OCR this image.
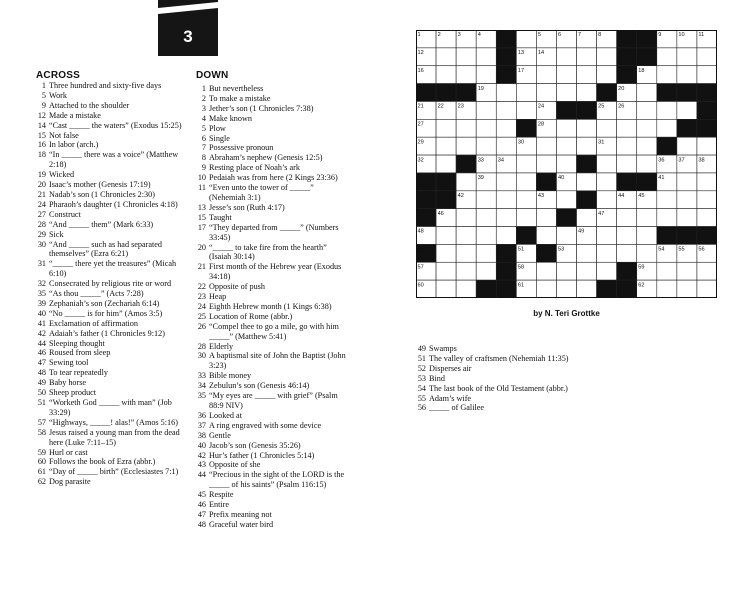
3
ACROSS	DOWN
1 Three hundred and sixty-five days
5 Work
9 Attached to the shoulder
12 Made a mistake
14 “Cast _____ the waters” (Exodus 15:25)
15 Not false
16 In labor (arch.)
18 “In _____ there was a voice” (Matthew 2:18)
19 Wicked
20 Isaac’s mother (Genesis 17:19)
21 Nadab’s son (1 Chronicles 2:30)
24 Pharaoh’s daughter (1 Chronicles 4:18)
27 Construct
28 “And _____ them” (Mark 6:33)
29 Sick
30 “And _____ such as had separated themselves” (Ezra 6:21)
31 “_____ there yet the treasures” (Micah 6:10)
32 Consecrated by religious rite or word
35 “As thou _____” (Acts 7:28)
39 Zephaniah’s son (Zechariah 6:14)
40 “No _____ is for him” (Amos 3:5)
41 Exclamation of affirmation
42 Adaiah’s father (1 Chronicles 9:12)
44 Sleeping thought
46 Roused from sleep
47 Sewing tool
48 To tear repeatedly
49 Baby horse
50 Sheep product
51 “Worketh God _____ with man” (Job 33:29)
57 “Highways, _____! alas!” (Amos 5:16)
58 Jesus raised a young man from the dead here (Luke 7:11–15)
59 Hurl or cast
60 Follows the book of Ezra (abbr.)
61 “Day of _____ birth” (Ecclesiastes 7:1)
62 Dog parasite
1 But nevertheless
2 To make a mistake
3 Jether’s son (1 Chronicles 7:38)
4 Make known
5 Plow
6 Single
7 Possessive pronoun
8 Abraham’s nephew (Genesis 12:5)
9 Resting place of Noah’s ark
10 Pedaiah was from here (2 Kings 23:36)
11 “Even unto the tower of _____” (Nehemiah 3:1)
13 Jesse’s son (Ruth 4:17)
15 Taught
17 “They departed from _____” (Numbers 33:45)
20 “_____ to take fire from the hearth” (Isaiah 30:14)
21 First month of the Hebrew year (Exodus 34:18)
22 Opposite of push
23 Heap
24 Eighth Hebrew month (1 Kings 6:38)
25 Location of Rome (abbr.)
26 “Compel thee to go a mile, go with him _____” (Matthew 5:41)
28 Elderly
30 A baptismal site of John the Baptist (John 3:23)
33 Bible money
34 Zebulun’s son (Genesis 46:14)
35 “My eyes are _____ with grief” (Psalm 88:9 NIV)
36 Looked at
37 A ring engraved with some device
38 Gentle
40 Jacob’s son (Genesis 35:26)
42 Hur’s father (1 Chronicles 5:14)
43 Opposite of she
44 “Precious in the sight of the LORD is the _____ of his saints” (Psalm 116:15)
45 Respite
46 Entire
47 Prefix meaning not
48 Graceful water bird
49 Swamps
51 The valley of craftsmen (Nehemiah 11:35)
52 Disperses air
53 Bind
54 The last book of the Old Testament (abbr.)
55 Adam’s wife
56 _____ of Galilee
1	2	3	4	5	6	7	8	9	10 11
12	13 14	15
16	17	18
19	20
21 22 23	24	25 26
27	28
29	30	31
32	33 34	35	36 37 38
39	40	41
42	43	44 45
46	47
48	49
50	51 52 53	54 55 56
57	58	59
60	61	62
by N. Teri Grottke
